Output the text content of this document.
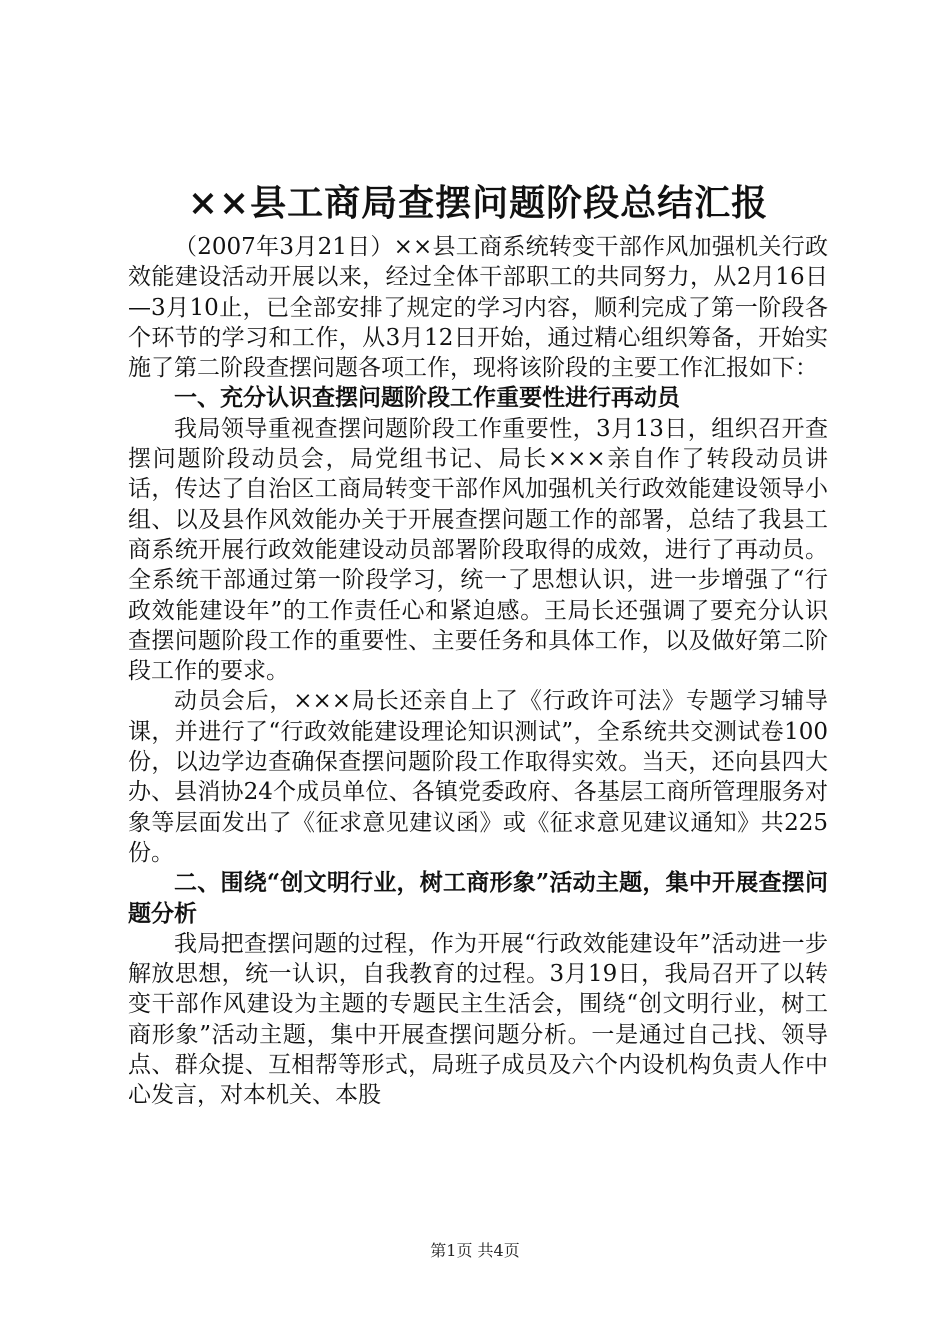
××县工商局查摆问题阶段总结汇报

（2007年3月21日）××县工商系统转变干部作风加强机关行政效能建设活动开展以来，经过全体干部职工的共同努力，从2月16日—3月10止，已全部安排了规定的学习内容，顺利完成了第一阶段各个环节的学习和工作，从3月12日开始，通过精心组织筹备，开始实施了第二阶段查摆问题各项工作，现将该阶段的主要工作汇报如下：

一、充分认识查摆问题阶段工作重要性进行再动员

我局领导重视查摆问题阶段工作重要性，3月13日，组织召开查摆问题阶段动员会，局党组书记、局长×××亲自作了转段动员讲话，传达了自治区工商局转变干部作风加强机关行政效能建设领导小组、以及县作风效能办关于开展查摆问题工作的部署，总结了我县工商系统开展行政效能建设动员部署阶段取得的成效，进行了再动员。全系统干部通过第一阶段学习，统一了思想认识，进一步增强了“行政效能建设年”的工作责任心和紧迫感。王局长还强调了要充分认识查摆问题阶段工作的重要性、主要任务和具体工作，以及做好第二阶段工作的要求。

动员会后，×××局长还亲自上了《行政许可法》专题学习辅导课，并进行了“行政效能建设理论知识测试”，全系统共交测试卷100份，以边学边查确保查摆问题阶段工作取得实效。当天，还向县四大办、县消协24个成员单位、各镇党委政府、各基层工商所管理服务对象等层面发出了《征求意见建议函》或《征求意见建议通知》共225份。

二、围绕“创文明行业，树工商形象”活动主题，集中开展查摆问题分析

我局把查摆问题的过程，作为开展“行政效能建设年”活动进一步解放思想，统一认识，自我教育的过程。3月19日，我局召开了以转变干部作风建设为主题的专题民主生活会，围绕“创文明行业，树工商形象”活动主题，集中开展查摆问题分析。一是通过自己找、领导点、群众提、互相帮等形式，局班子成员及六个内设机构负责人作中心发言，对本机关、本股

第1页 共4页
